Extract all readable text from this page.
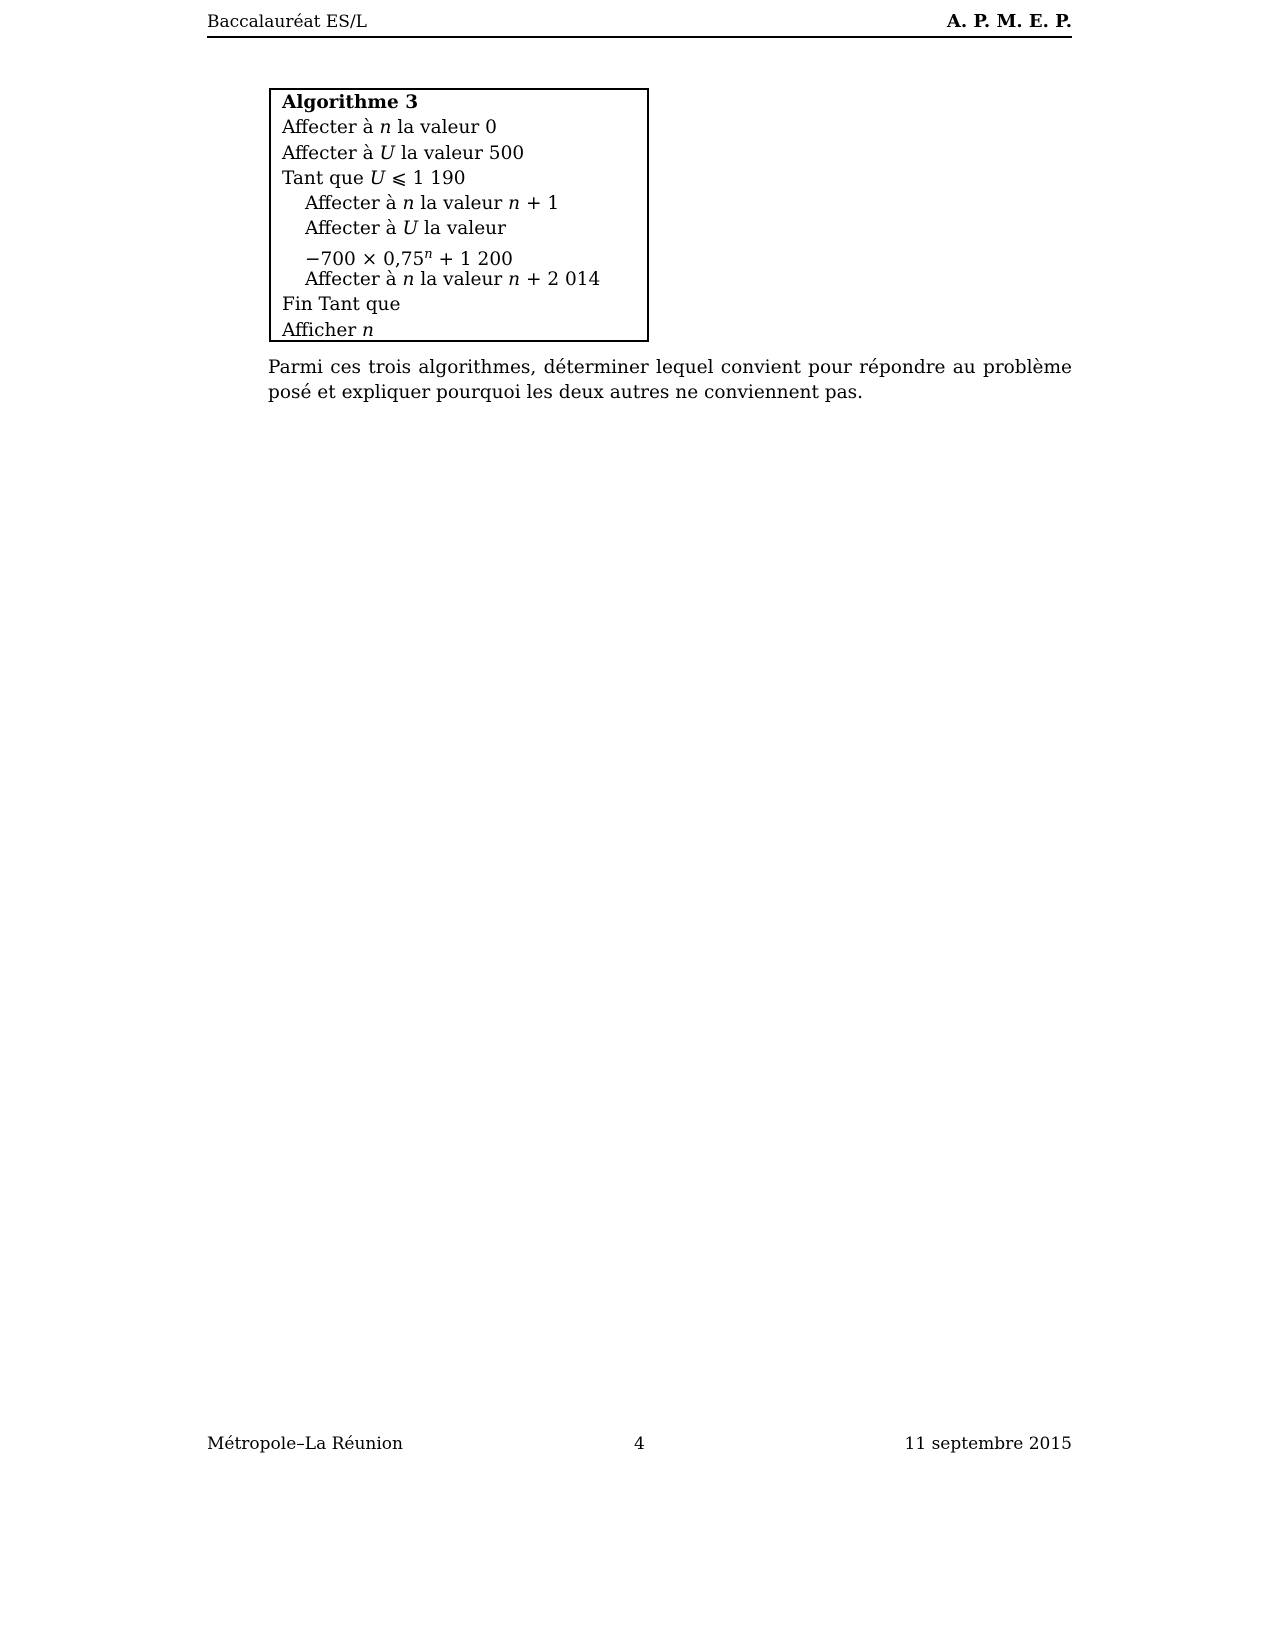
Baccalauréat ES/L	A. P. M. E. P.
Algorithme 3
Affecter à n la valeur 0
Affecter à U la valeur 500
Tant que U ⩽ 1 190
Affecter à n la valeur n + 1
Affecter à U la valeur
$-700 \times 0,75^n + 1$ 200
Affecter à n la valeur n + 2 014
Fin Tant que
Afficher n

Parmi ces trois algorithmes, déterminer lequel convient pour répondre au problème posé et expliquer pourquoi les deux autres ne conviennent pas.

Métropole–La Réunion	4	11 septembre 2015
